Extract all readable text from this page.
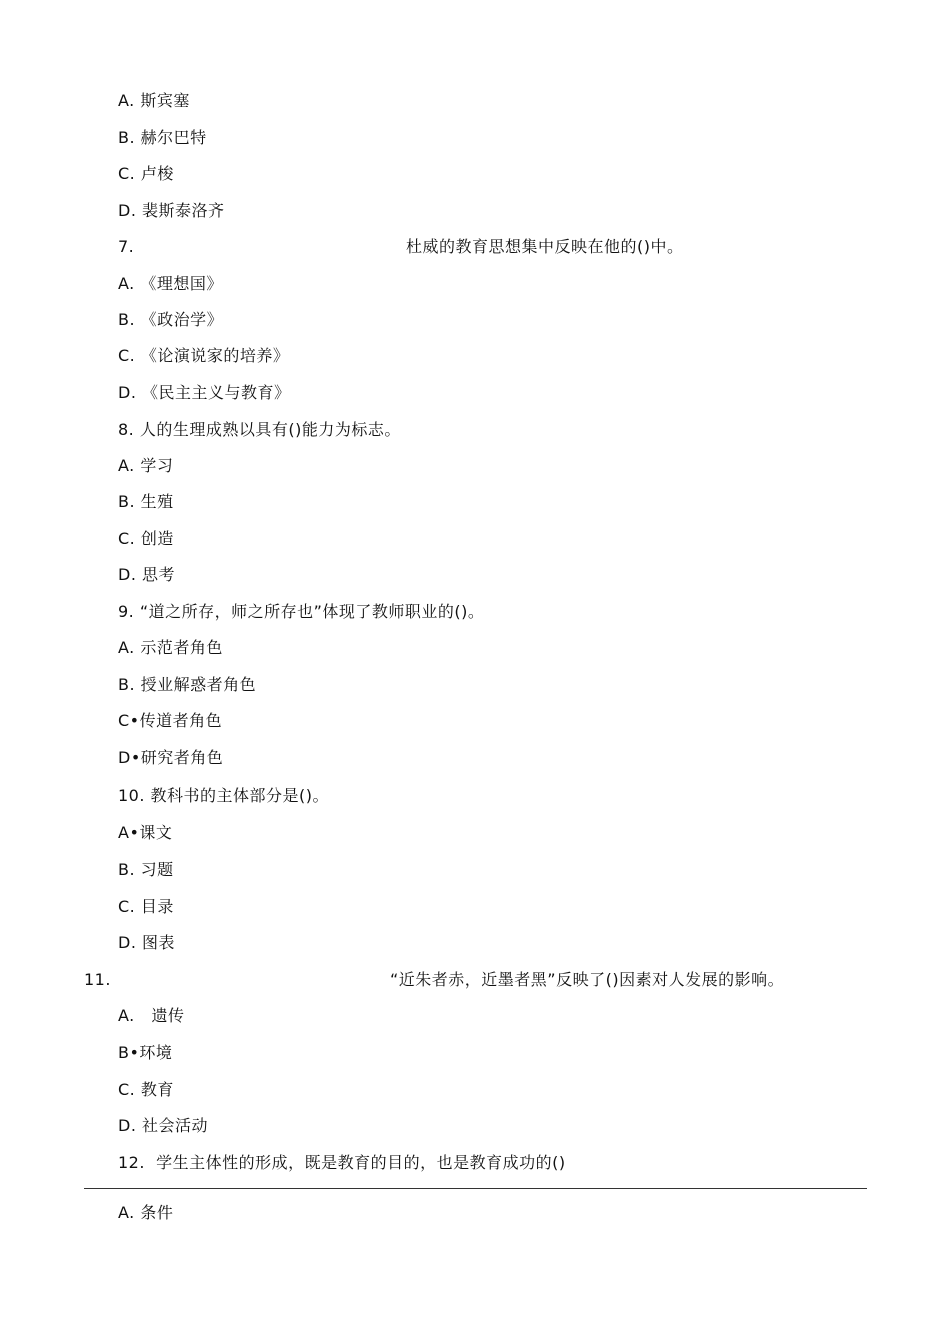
A. 斯宾塞
B. 赫尔巴特
C. 卢梭
D. 裴斯泰洛齐
7.	杜威的教育思想集中反映在他的()中。
A. 《理想国》
B. 《政治学》
C. 《论演说家的培养》
D. 《民主主义与教育》
8. 人的生理成熟以具有()能力为标志。
A. 学习
B. 生殖
C. 创造
D. 思考
9. “道之所存，师之所存也”体现了教师职业的()。
A. 示范者角色
B. 授业解惑者角色
C•传道者角色
D•研究者角色
10. 教科书的主体部分是()。
A•课文
B. 习题
C. 目录
D. 图表
11.	“近朱者赤，近墨者黑”反映了()因素对人发展的影响。
A.   遗传
B•环境
C. 教育
D. 社会活动
12.  学生主体性的形成，既是教育的目的，也是教育成功的()
A. 条件
